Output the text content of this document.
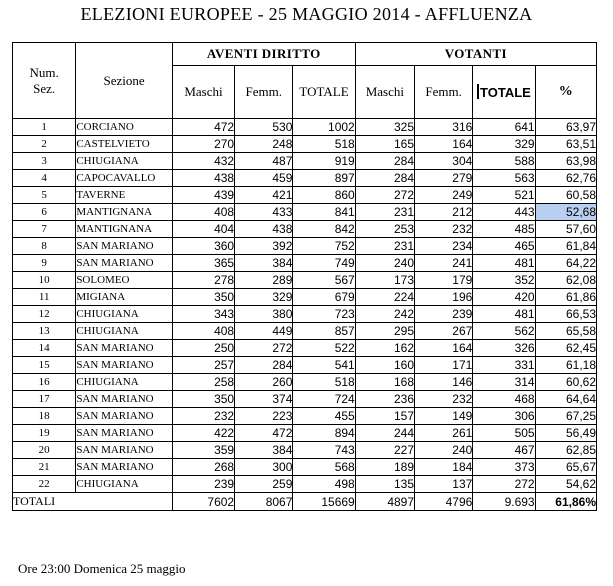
ELEZIONI EUROPEE - 25 MAGGIO 2014 - AFFLUENZA
Num.
Sez.	Sezione	AVENTI DIRITTO			VOTANTI			
		Maschi	Femm.	TOTALE	Maschi	Femm.	TOTALE	%
1	CORCIANO	472	530	1002	325	316	641	63,97
2	CASTELVIETO	270	248	518	165	164	329	63,51
3	CHIUGIANA	432	487	919	284	304	588	63,98
4	CAPOCAVALLO	438	459	897	284	279	563	62,76
5	TAVERNE	439	421	860	272	249	521	60,58
6	MANTIGNANA	408	433	841	231	212	443	52,68
7	MANTIGNANA	404	438	842	253	232	485	57,60
8	SAN MARIANO	360	392	752	231	234	465	61,84
9	SAN MARIANO	365	384	749	240	241	481	64,22
10	SOLOMEO	278	289	567	173	179	352	62,08
11	MIGIANA	350	329	679	224	196	420	61,86
12	CHIUGIANA	343	380	723	242	239	481	66,53
13	CHIUGIANA	408	449	857	295	267	562	65,58
14	SAN MARIANO	250	272	522	162	164	326	62,45
15	SAN MARIANO	257	284	541	160	171	331	61,18
16	CHIUGIANA	258	260	518	168	146	314	60,62
17	SAN MARIANO	350	374	724	236	232	468	64,64
18	SAN MARIANO	232	223	455	157	149	306	67,25
19	SAN MARIANO	422	472	894	244	261	505	56,49
20	SAN MARIANO	359	384	743	227	240	467	62,85
21	SAN MARIANO	268	300	568	189	184	373	65,67
22	CHIUGIANA	239	259	498	135	137	272	54,62
TOTALI		7602	8067	15669	4897	4796	9.693	61,86%
Ore 23:00 Domenica 25 maggio
